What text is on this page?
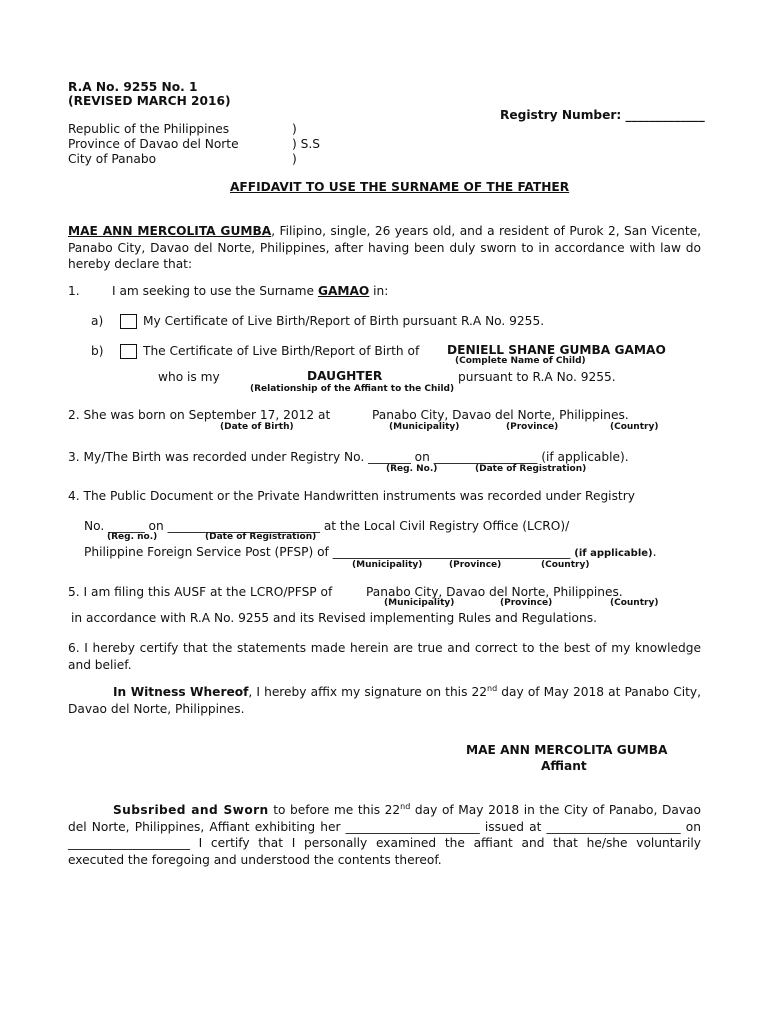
R.A No. 9255 No. 1
(REVISED MARCH 2016)
Registry Number: _____________
Republic of the Philippines
Province of Davao del Norte
City of Panabo
)
) S.S
)
AFFIDAVIT TO USE THE SURNAME OF THE FATHER
MAE ANN MERCOLITA GUMBA, Filipino, single, 26 years old, and a resident of Purok 2, San Vicente, Panabo City, Davao del Norte, Philippines, after having been duly sworn to in accordance with law do hereby declare that:
1.	I am seeking to use the Surname GAMAO in:
a)	My Certificate of Live Birth/Report of Birth pursuant R.A No. 9255.
b)	The Certificate of Live Birth/Report of Birth of DENIELL SHANE GUMBA GAMAO
(Complete Name of Child)
who is my	DAUGHTER	pursuant to R.A No. 9255.
(Relationship of the Affiant to the Child)
2. She was born on September 17, 2012 at	Panabo City, Davao del Norte, Philippines.
(Date of Birth)	(Municipality)	(Province)	(Country)
3. My/The Birth was recorded under Registry No. _______ on _________________ (if applicable).
(Reg. No.)	(Date of Registration)
4. The Public Document or the Private Handwritten instruments was recorded under Registry
No. ______ on _________________________ at the Local Civil Registry Office (LCRO)/
(Reg. no.)	(Date of Registration)
Philippine Foreign Service Post (PFSP) of _______________________________________ (if applicable).
(Municipality)	(Province)	(Country)
5. I am filing this AUSF at the LCRO/PFSP of	Panabo City, Davao del Norte, Philippines.
(Municipality)	(Province)	(Country)
in accordance with R.A No. 9255 and its Revised implementing Rules and Regulations.
6. I hereby certify that the statements made herein are true and correct to the best of my knowledge and belief.
In Witness Whereof, I hereby affix my signature on this 22nd day of May 2018 at Panabo City, Davao del Norte, Philippines.
MAE ANN MERCOLITA GUMBA
Affiant
Subsribed and Sworn to before me this 22nd day of May 2018 in the City of Panabo, Davao del Norte, Philippines, Affiant exhibiting her ______________________ issued at ______________________ on ____________________ I certify that I personally examined the affiant and that he/she voluntarily executed the foregoing and understood the contents thereof.
